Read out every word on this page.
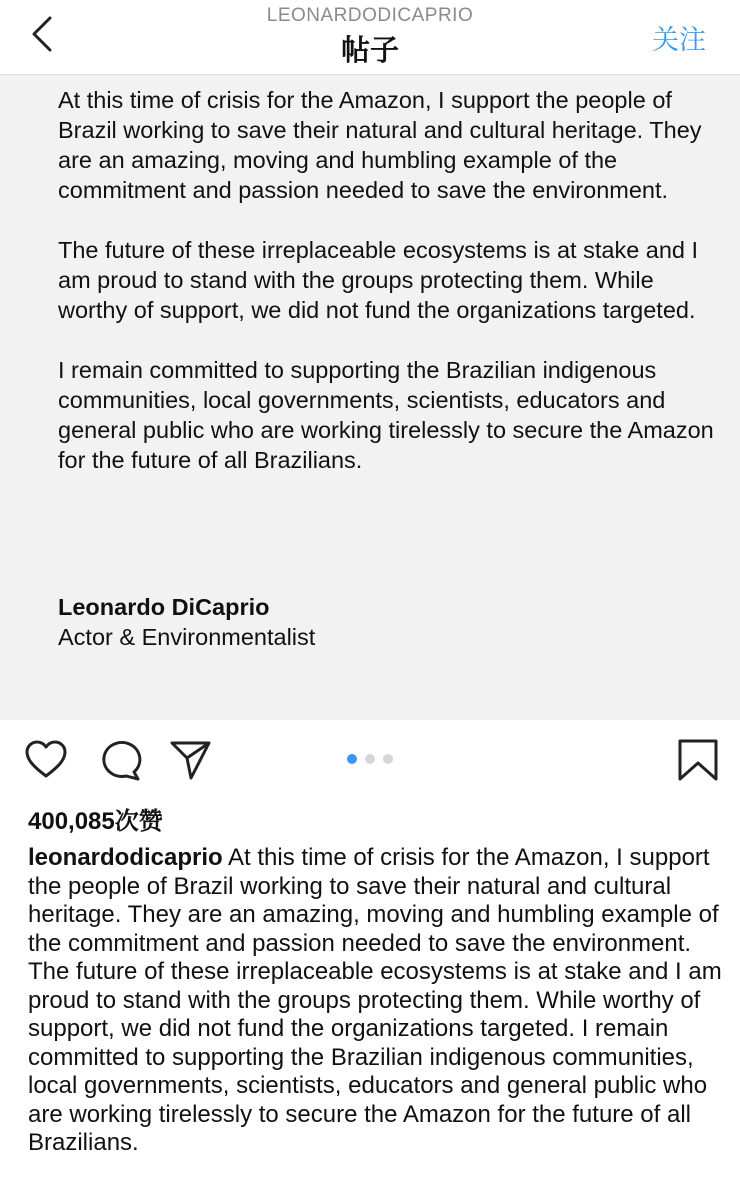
LEONARDODICAPRIO
帖子	关注

At this time of crisis for the Amazon, I support the people of Brazil working to save their natural and cultural heritage. They are an amazing, moving and humbling example of the commitment and passion needed to save the environment.

The future of these irreplaceable ecosystems is at stake and I am proud to stand with the groups protecting them. While worthy of support, we did not fund the organizations targeted.

I remain committed to supporting the Brazilian indigenous communities, local governments, scientists, educators and general public who are working tirelessly to secure the Amazon for the future of all Brazilians.

Leonardo DiCaprio
Actor & Environmentalist
400,085次赞
leonardodicaprio At this time of crisis for the Amazon, I support the people of Brazil working to save their natural and cultural heritage. They are an amazing, moving and humbling example of the commitment and passion needed to save the environment. The future of these irreplaceable ecosystems is at stake and I am proud to stand with the groups protecting them. While worthy of support, we did not fund the organizations targeted. I remain committed to supporting the Brazilian indigenous communities, local governments, scientists, educators and general public who are working tirelessly to secure the Amazon for the future of all Brazilians.
